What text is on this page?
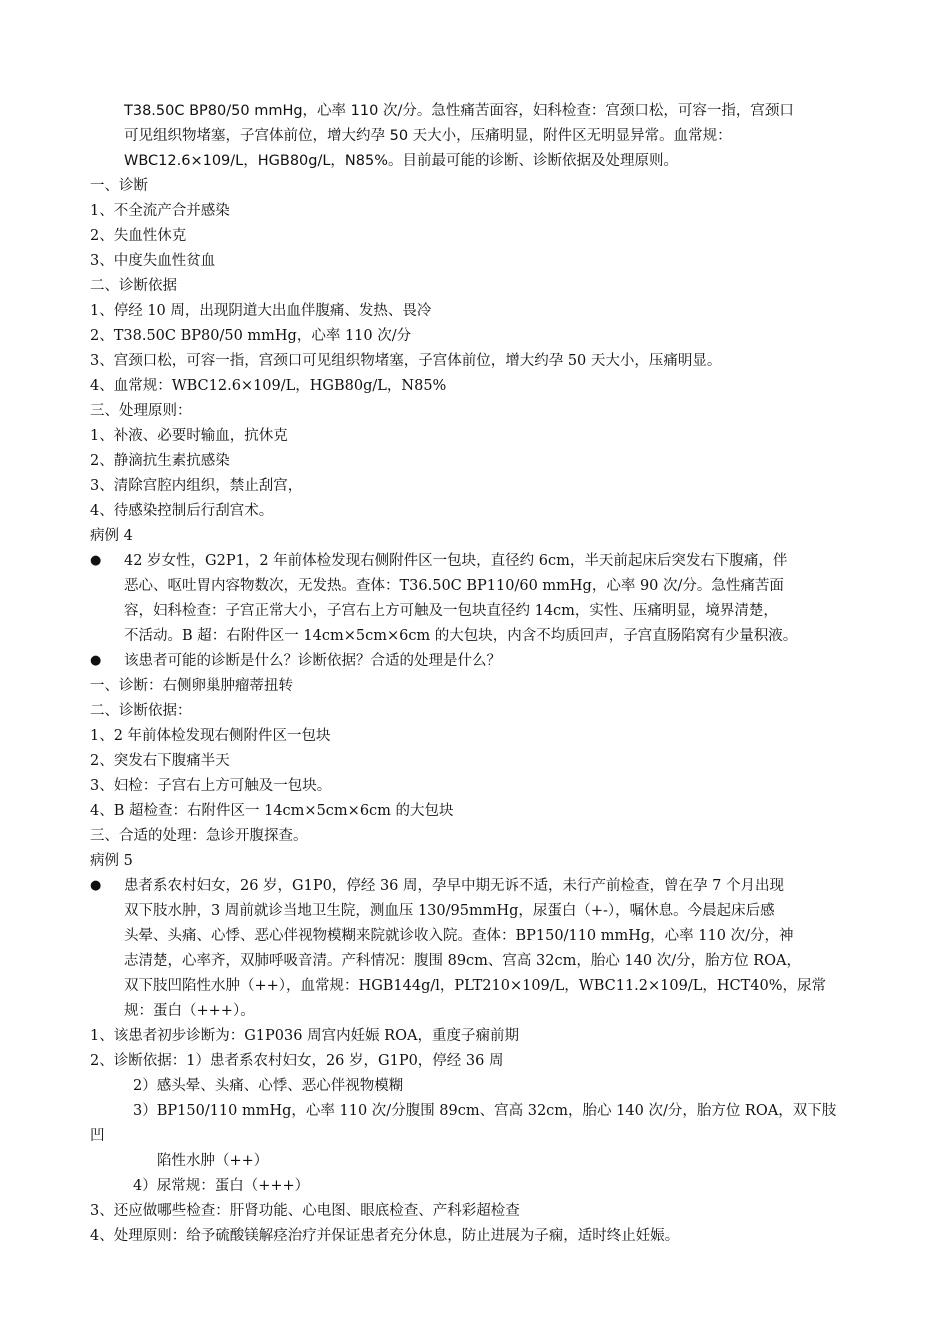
T38.50C BP80/50 mmHg，心率 110 次/分。急性痛苦面容，妇科检查：宫颈口松，可容一指，宫颈口
可见组织物堵塞，子宫体前位，增大约孕 50 天大小，压痛明显，附件区无明显异常。血常规：
WBC12.6×109/L，HGB80g/L，N85%。目前最可能的诊断、诊断依据及处理原则。
一、诊断
1、不全流产合并感染
2、失血性休克
3、中度失血性贫血
二、诊断依据
1、停经 10 周，出现阴道大出血伴腹痛、发热、畏冷
2、T38.50C BP80/50 mmHg，心率 110 次/分
3、宫颈口松，可容一指，宫颈口可见组织物堵塞，子宫体前位，增大约孕 50 天大小，压痛明显。
4、血常规：WBC12.6×109/L，HGB80g/L，N85%
三、处理原则：
1、补液、必要时输血，抗休克
2、静滴抗生素抗感染
3、清除宫腔内组织，禁止刮宫，
4、待感染控制后行刮宫术。
病例 4
● 42 岁女性，G2P1，2 年前体检发现右侧附件区一包块，直径约 6cm，半天前起床后突发右下腹痛，伴
恶心、呕吐胃内容物数次，无发热。查体：T36.50C BP110/60 mmHg，心率 90 次/分。急性痛苦面
容，妇科检查：子宫正常大小，子宫右上方可触及一包块直径约 14cm，实性、压痛明显，境界清楚，
不活动。B 超：右附件区一 14cm×5cm×6cm 的大包块，内含不均质回声，子宫直肠陷窝有少量积液。
● 该患者可能的诊断是什么？诊断依据？合适的处理是什么？
一、诊断：右侧卵巢肿瘤蒂扭转
二、诊断依据：
1、2 年前体检发现右侧附件区一包块
2、突发右下腹痛半天
3、妇检：子宫右上方可触及一包块。
4、B 超检查：右附件区一 14cm×5cm×6cm 的大包块
三、合适的处理：急诊开腹探查。
病例 5
● 患者系农村妇女，26 岁，G1P0，停经 36 周，孕早中期无诉不适，未行产前检查，曾在孕 7 个月出现
双下肢水肿，3 周前就诊当地卫生院，测血压 130/95mmHg，尿蛋白（+-），嘱休息。今晨起床后感
头晕、头痛、心悸、恶心伴视物模糊来院就诊收入院。查体：BP150/110 mmHg，心率 110 次/分，神
志清楚，心率齐，双肺呼吸音清。产科情况：腹围 89cm、宫高 32cm，胎心 140 次/分，胎方位 ROA，
双下肢凹陷性水肿（++），血常规：HGB144g/l，PLT210×109/L，WBC11.2×109/L，HCT40%，尿常
规：蛋白（+++）。
1、该患者初步诊断为：G1P036 周宫内妊娠 ROA，重度子痫前期
2、诊断依据：1）患者系农村妇女，26 岁，G1P0，停经 36 周
2）感头晕、头痛、心悸、恶心伴视物模糊
3）BP150/110 mmHg，心率 110 次/分腹围 89cm、宫高 32cm，胎心 140 次/分，胎方位 ROA，双下肢
凹
陷性水肿（++）
4）尿常规：蛋白（+++）
3、还应做哪些检查：肝肾功能、心电图、眼底检查、产科彩超检查
4、处理原则：给予硫酸镁解痉治疗并保证患者充分休息，防止进展为子痫，适时终止妊娠。
